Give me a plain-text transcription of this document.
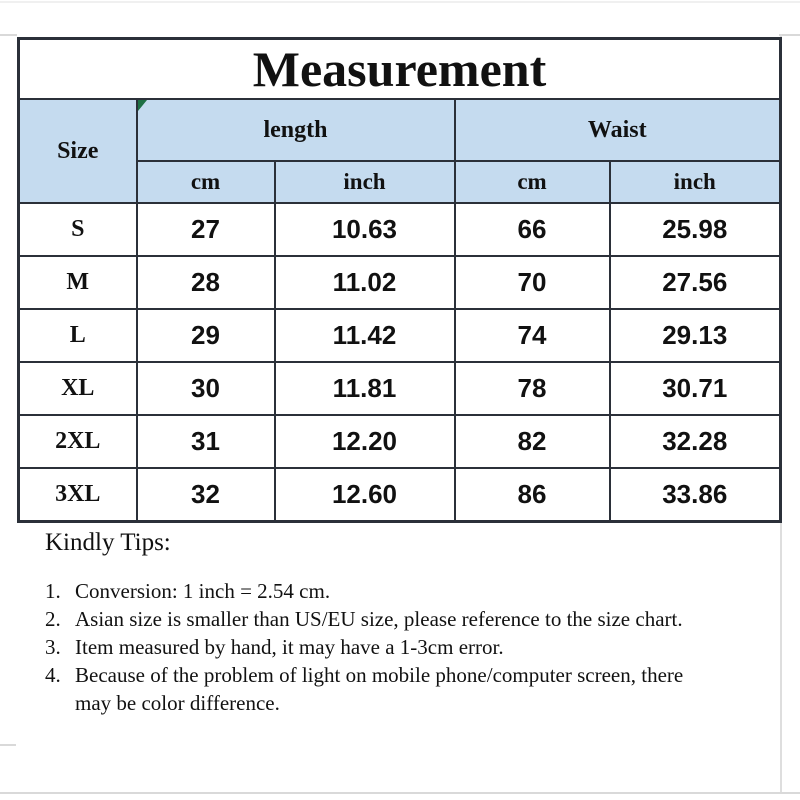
Measurement				
Size	length		Waist	
	cm	inch	cm	inch
S	27	10.63	66	25.98
M	28	11.02	70	27.56
L	29	11.42	74	29.13
XL	30	11.81	78	30.71
2XL	31	12.20	82	32.28
3XL	32	12.60	86	33.86

Kindly Tips:

1. Conversion: 1 inch = 2.54 cm.
2. Asian size is smaller than US/EU size, please reference to the size chart.
3. Item measured by hand, it may have a 1-3cm error.
4. Because of the problem of light on mobile phone/computer screen, there may be color difference.
